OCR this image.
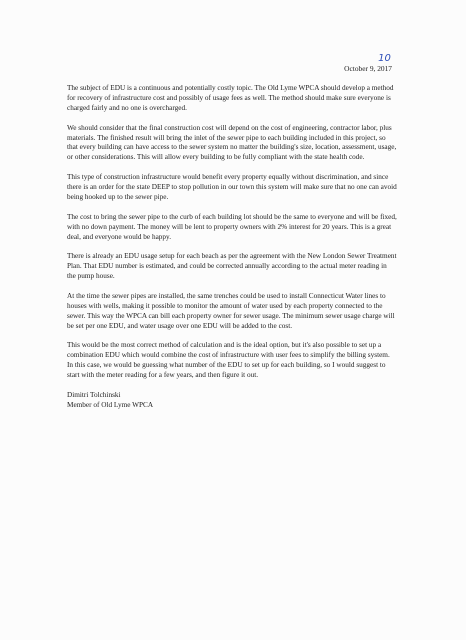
October 9, 2017
10

The subject of EDU is a continuous and potentially costly topic. The Old Lyme WPCA should develop a method for recovery of infrastructure cost and possibly of usage fees as well. The method should make sure everyone is charged fairly and no one is overcharged.

We should consider that the final construction cost will depend on the cost of engineering, contractor labor, plus materials. The finished result will bring the inlet of the sewer pipe to each building included in this project, so that every building can have access to the sewer system no matter the building's size, location, assessment, usage, or other considerations. This will allow every building to be fully compliant with the state health code.

This type of construction infrastructure would benefit every property equally without discrimination, and since there is an order for the state DEEP to stop pollution in our town this system will make sure that no one can avoid being hooked up to the sewer pipe.

The cost to bring the sewer pipe to the curb of each building lot should be the same to everyone and will be fixed, with no down payment. The money will be lent to property owners with 2% interest for 20 years. This is a great deal, and everyone would be happy.

There is already an EDU usage setup for each beach as per the agreement with the New London Sewer Treatment Plan. That EDU number is estimated, and could be corrected annually according to the actual meter reading in the pump house.

At the time the sewer pipes are installed, the same trenches could be used to install Connecticut Water lines to houses with wells, making it possible to monitor the amount of water used by each property connected to the sewer. This way the WPCA can bill each property owner for sewer usage. The minimum sewer usage charge will be set per one EDU, and water usage over one EDU will be added to the cost.

This would be the most correct method of calculation and is the ideal option, but it's also possible to set up a combination EDU which would combine the cost of infrastructure with user fees to simplify the billing system. In this case, we would be guessing what number of the EDU to set up for each building, so I would suggest to start with the meter reading for a few years, and then figure it out.

Dimitri Tolchinski
Member of Old Lyme WPCA
